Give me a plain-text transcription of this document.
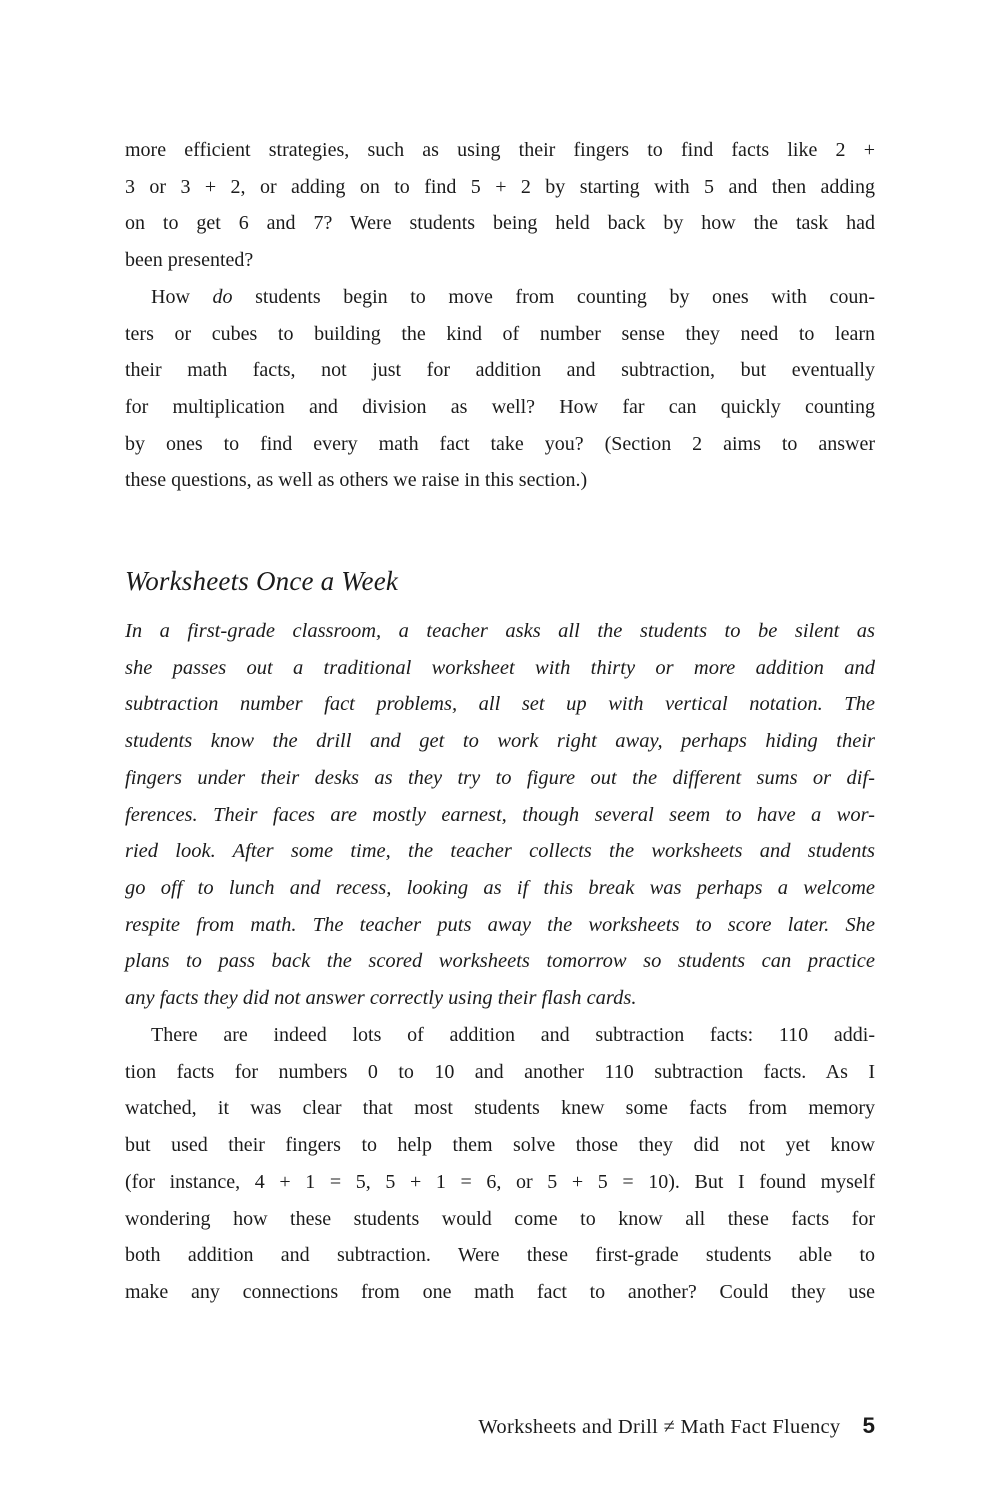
more efficient strategies, such as using their fingers to find facts like 2 +
3 or 3 + 2, or adding on to find 5 + 2 by starting with 5 and then adding
on to get 6 and 7? Were students being held back by how the task had
been presented?
How do students begin to move from counting by ones with coun-
ters or cubes to building the kind of number sense they need to learn
their math facts, not just for addition and subtraction, but eventually
for multiplication and division as well? How far can quickly counting
by ones to find every math fact take you? (Section 2 aims to answer
these questions, as well as others we raise in this section.)
Worksheets Once a Week
In a first-grade classroom, a teacher asks all the students to be silent as
she passes out a traditional worksheet with thirty or more addition and
subtraction number fact problems, all set up with vertical notation. The
students know the drill and get to work right away, perhaps hiding their
fingers under their desks as they try to figure out the different sums or dif-
ferences. Their faces are mostly earnest, though several seem to have a wor-
ried look. After some time, the teacher collects the worksheets and students
go off to lunch and recess, looking as if this break was perhaps a welcome
respite from math. The teacher puts away the worksheets to score later. She
plans to pass back the scored worksheets tomorrow so students can practice
any facts they did not answer correctly using their flash cards.
There are indeed lots of addition and subtraction facts: 110 addi-
tion facts for numbers 0 to 10 and another 110 subtraction facts. As I
watched, it was clear that most students knew some facts from memory
but used their fingers to help them solve those they did not yet know
(for instance, 4 + 1 = 5, 5 + 1 = 6, or 5 + 5 = 10). But I found myself
wondering how these students would come to know all these facts for
both addition and subtraction. Were these first-grade students able to
make any connections from one math fact to another? Could they use
Worksheets and Drill ≠ Math Fact Fluency 5
